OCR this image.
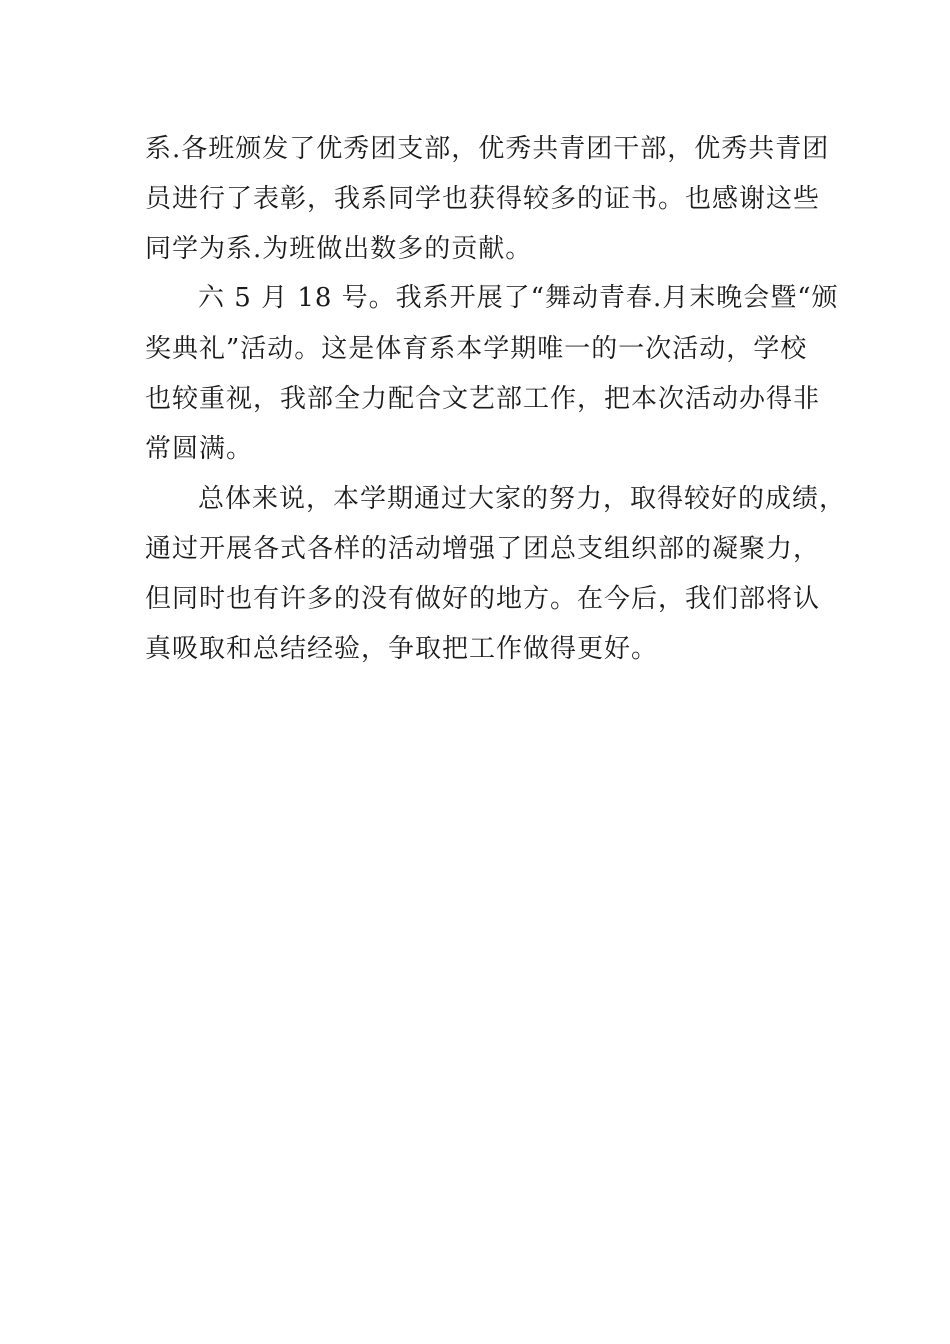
系.各班颁发了优秀团支部，优秀共青团干部，优秀共青团

员进行了表彰，我系同学也获得较多的证书。也感谢这些

同学为系.为班做出数多的贡献。

六 5 月 18 号。我系开展了“舞动青春.月末晚会暨“颁

奖典礼”活动。这是体育系本学期唯一的一次活动，学校

也较重视，我部全力配合文艺部工作，把本次活动办得非

常圆满。

总体来说，本学期通过大家的努力，取得较好的成绩，

通过开展各式各样的活动增强了团总支组织部的凝聚力，

但同时也有许多的没有做好的地方。在今后，我们部将认

真吸取和总结经验，争取把工作做得更好。
